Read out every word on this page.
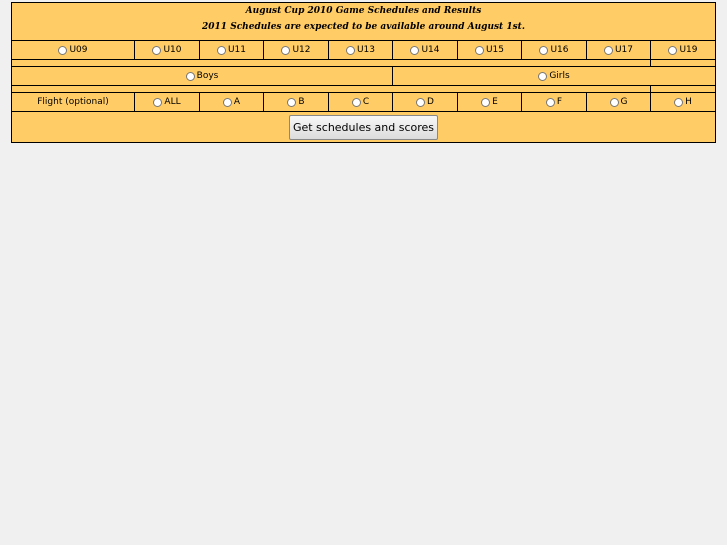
August Cup 2010 Game Schedules and Results
2011 Schedules are expected to be available around August 1st.
U09	U10	U11	U12	U13	U14	U15	U16	U17	U19
Boys	Girls
Flight (optional)	ALL	A	B	C	D	E	F	G	H
Get schedules and scores
